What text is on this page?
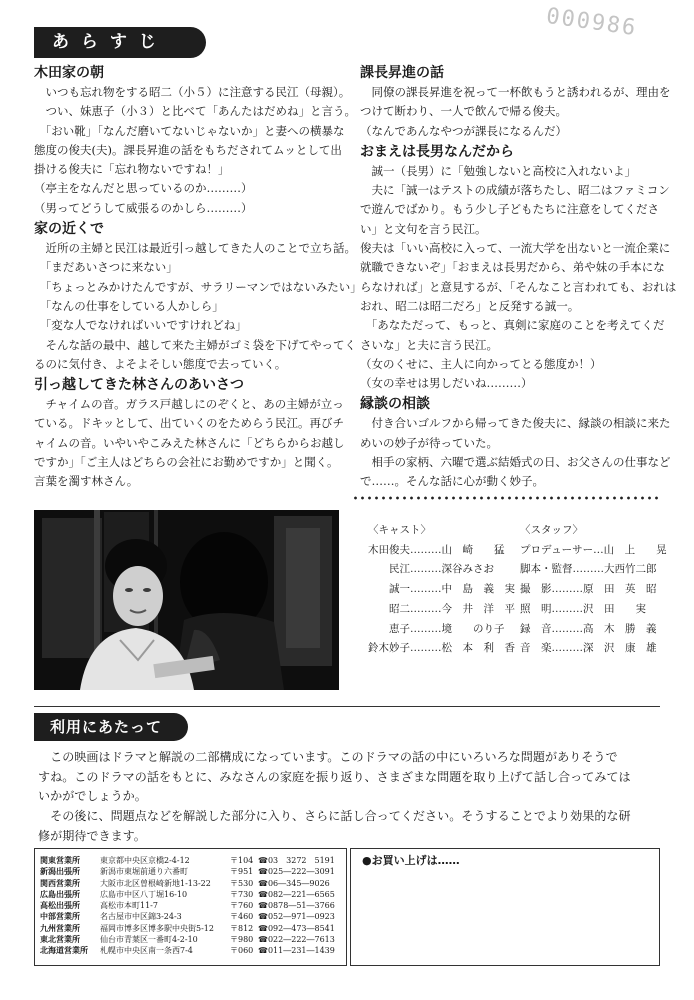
000986
あ ら す じ
木田家の朝

　いつも忘れ物をする昭二（小５）に注意する民江（母親）。

　つい、妹恵子（小３）と比べて「あんたはだめね」と言う。

　「おい靴」「なんだ磨いてないじゃないか」と妻への横暴な

態度の俊夫(夫)。課長昇進の話をもちだされてムッとして出

掛ける俊夫に「忘れ物ないですね！」

（亭主をなんだと思っているのか………）

（男ってどうして威張るのかしら………）

家の近くで

　近所の主婦と民江は最近引っ越してきた人のことで立ち話。

　「まだあいさつに来ない」

　「ちょっとみかけたんですが、サラリーマンではないみたい」

　「なんの仕事をしている人かしら」

　「変な人でなければいいですけれどね」

　そんな話の最中、越して来た主婦がゴミ袋を下げてやってく

るのに気付き、よそよそしい態度で去っていく。

引っ越してきた林さんのあいさつ

　チャイムの音。ガラス戸越しにのぞくと、あの主婦が立っ

ている。ドキッとして、出ていくのをためらう民江。再びチ

ャイムの音。いやいやこみえた林さんに「どちらからお越し

ですか」「ご主人はどちらの会社にお勤めですか」と聞く。

言葉を濁す林さん。

課長昇進の話

　同僚の課長昇進を祝って一杯飲もうと誘われるが、理由を

つけて断わり、一人で飲んで帰る俊夫。

（なんであんなやつが課長になるんだ）

おまえは長男なんだから

　誠一（長男）に「勉強しないと高校に入れないよ」

　夫に「誠一はテストの成績が落ちたし、昭二はファミコン

で遊んでばかり。もう少し子どもたちに注意をしてくださ

い」と文句を言う民江。

俊夫は「いい高校に入って、一流大学を出ないと一流企業に

就職できないぞ」「おまえは長男だから、弟や妹の手本にな

らなければ」と意見するが、「そんなこと言われても、おれは

おれ、昭二は昭二だろ」と反発する誠一。

　「あなただって、もっと、真剣に家庭のことを考えてくだ

さいな」と夫に言う民江。

（女のくせに、主人に向かってとる態度か！）

（女の幸せは男しだいね………）

縁談の相談

　付き合いゴルフから帰ってきた俊夫に、縁談の相談に来た

めいの妙子が待っていた。

　相手の家柄、六曜で選ぶ結婚式の日、お父さんの仕事など

で……。そんな話に心が動く妙子。

〈キャスト〉

木田俊夫………山　崎　　猛

　　民江………深谷みさお

　　誠一………中　島　義　実

　　昭二………今　井　洋　平

　　恵子………境　　のり子

鈴木妙子………松　本　利　香

〈スタッフ〉

プロデューサー…山　上　　晃

脚本・監督………大西竹二郎

撮　影………原　田　英　昭

照　明………沢　田　　実

録　音………高　木　勝　義

音　楽………深　沢　康　雄

利用にあたって

　この映画はドラマと解説の二部構成になっています。このドラマの話の中にいろいろな問題がありそうで

すね。このドラマの話をもとに、みなさんの家庭を振り返り、さまざまな問題を取り上げて話し合ってみては

いかがでしょうか。

　その後に、問題点などを解説した部分に入り、さらに話し合ってください。そうすることでより効果的な研

修が期待できます。

関東営業所	東京都中央区京橋2-4-12	〒104 ☎03　3272　5191
新潟出張所	新潟市東堀前通り六番町	〒951 ☎025―222―3091
関西営業所	大阪市北区曽根崎新地1-13-22	〒530 ☎06―345―9026
広島出張所	広島市中区八丁堀16-10	〒730 ☎082―221―6565
高松出張所	高松市本町11-7	〒760 ☎0878―51―3766
中部営業所	名古屋市中区錦3-24-3	〒460 ☎052―971―0923
九州営業所	福岡市博多区博多駅中央街5-12	〒812 ☎092―473―8541
東北営業所	仙台市青葉区一番町4-2-10	〒980 ☎022―222―7613
北海道営業所	札幌市中央区南一条西7-4	〒060 ☎011―231―1439
●お買い上げは……
